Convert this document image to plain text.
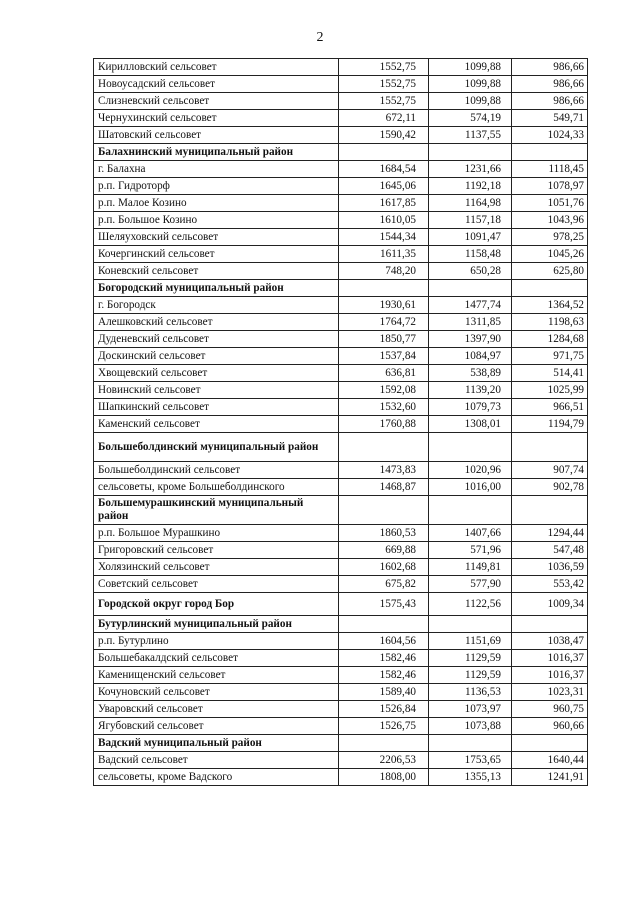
2
Кирилловский сельсовет	1552,75	1099,88	986,66
Новоусадский сельсовет	1552,75	1099,88	986,66
Слизневский сельсовет	1552,75	1099,88	986,66
Чернухинский сельсовет	672,11	574,19	549,71
Шатовский сельсовет	1590,42	1137,55	1024,33
Балахнинский муниципальный район			
г. Балахна	1684,54	1231,66	1118,45
р.п. Гидроторф	1645,06	1192,18	1078,97
р.п. Малое Козино	1617,85	1164,98	1051,76
р.п. Большое Козино	1610,05	1157,18	1043,96
Шеляуховский сельсовет	1544,34	1091,47	978,25
Кочергинский сельсовет	1611,35	1158,48	1045,26
Коневский сельсовет	748,20	650,28	625,80
Богородский муниципальный район			
г. Богородск	1930,61	1477,74	1364,52
Алешковский сельсовет	1764,72	1311,85	1198,63
Дуденевский сельсовет	1850,77	1397,90	1284,68
Доскинский сельсовет	1537,84	1084,97	971,75
Хвощевский сельсовет	636,81	538,89	514,41
Новинский сельсовет	1592,08	1139,20	1025,99
Шапкинский сельсовет	1532,60	1079,73	966,51
Каменский сельсовет	1760,88	1308,01	1194,79
Большеболдинский муниципальный район			
Большеболдинский сельсовет	1473,83	1020,96	907,74
сельсоветы, кроме Большеболдинского	1468,87	1016,00	902,78
Большемурашкинский муниципальный район			
р.п. Большое Мурашкино	1860,53	1407,66	1294,44
Григоровский сельсовет	669,88	571,96	547,48
Холязинский сельсовет	1602,68	1149,81	1036,59
Советский сельсовет	675,82	577,90	553,42
Городской округ город Бор	1575,43	1122,56	1009,34
Бутурлинский муниципальный район			
р.п. Бутурлино	1604,56	1151,69	1038,47
Большебакалдский сельсовет	1582,46	1129,59	1016,37
Каменищенский сельсовет	1582,46	1129,59	1016,37
Кочуновский сельсовет	1589,40	1136,53	1023,31
Уваровский сельсовет	1526,84	1073,97	960,75
Ягубовский сельсовет	1526,75	1073,88	960,66
Вадский муниципальный район			
Вадский сельсовет	2206,53	1753,65	1640,44
сельсоветы, кроме Вадского	1808,00	1355,13	1241,91
